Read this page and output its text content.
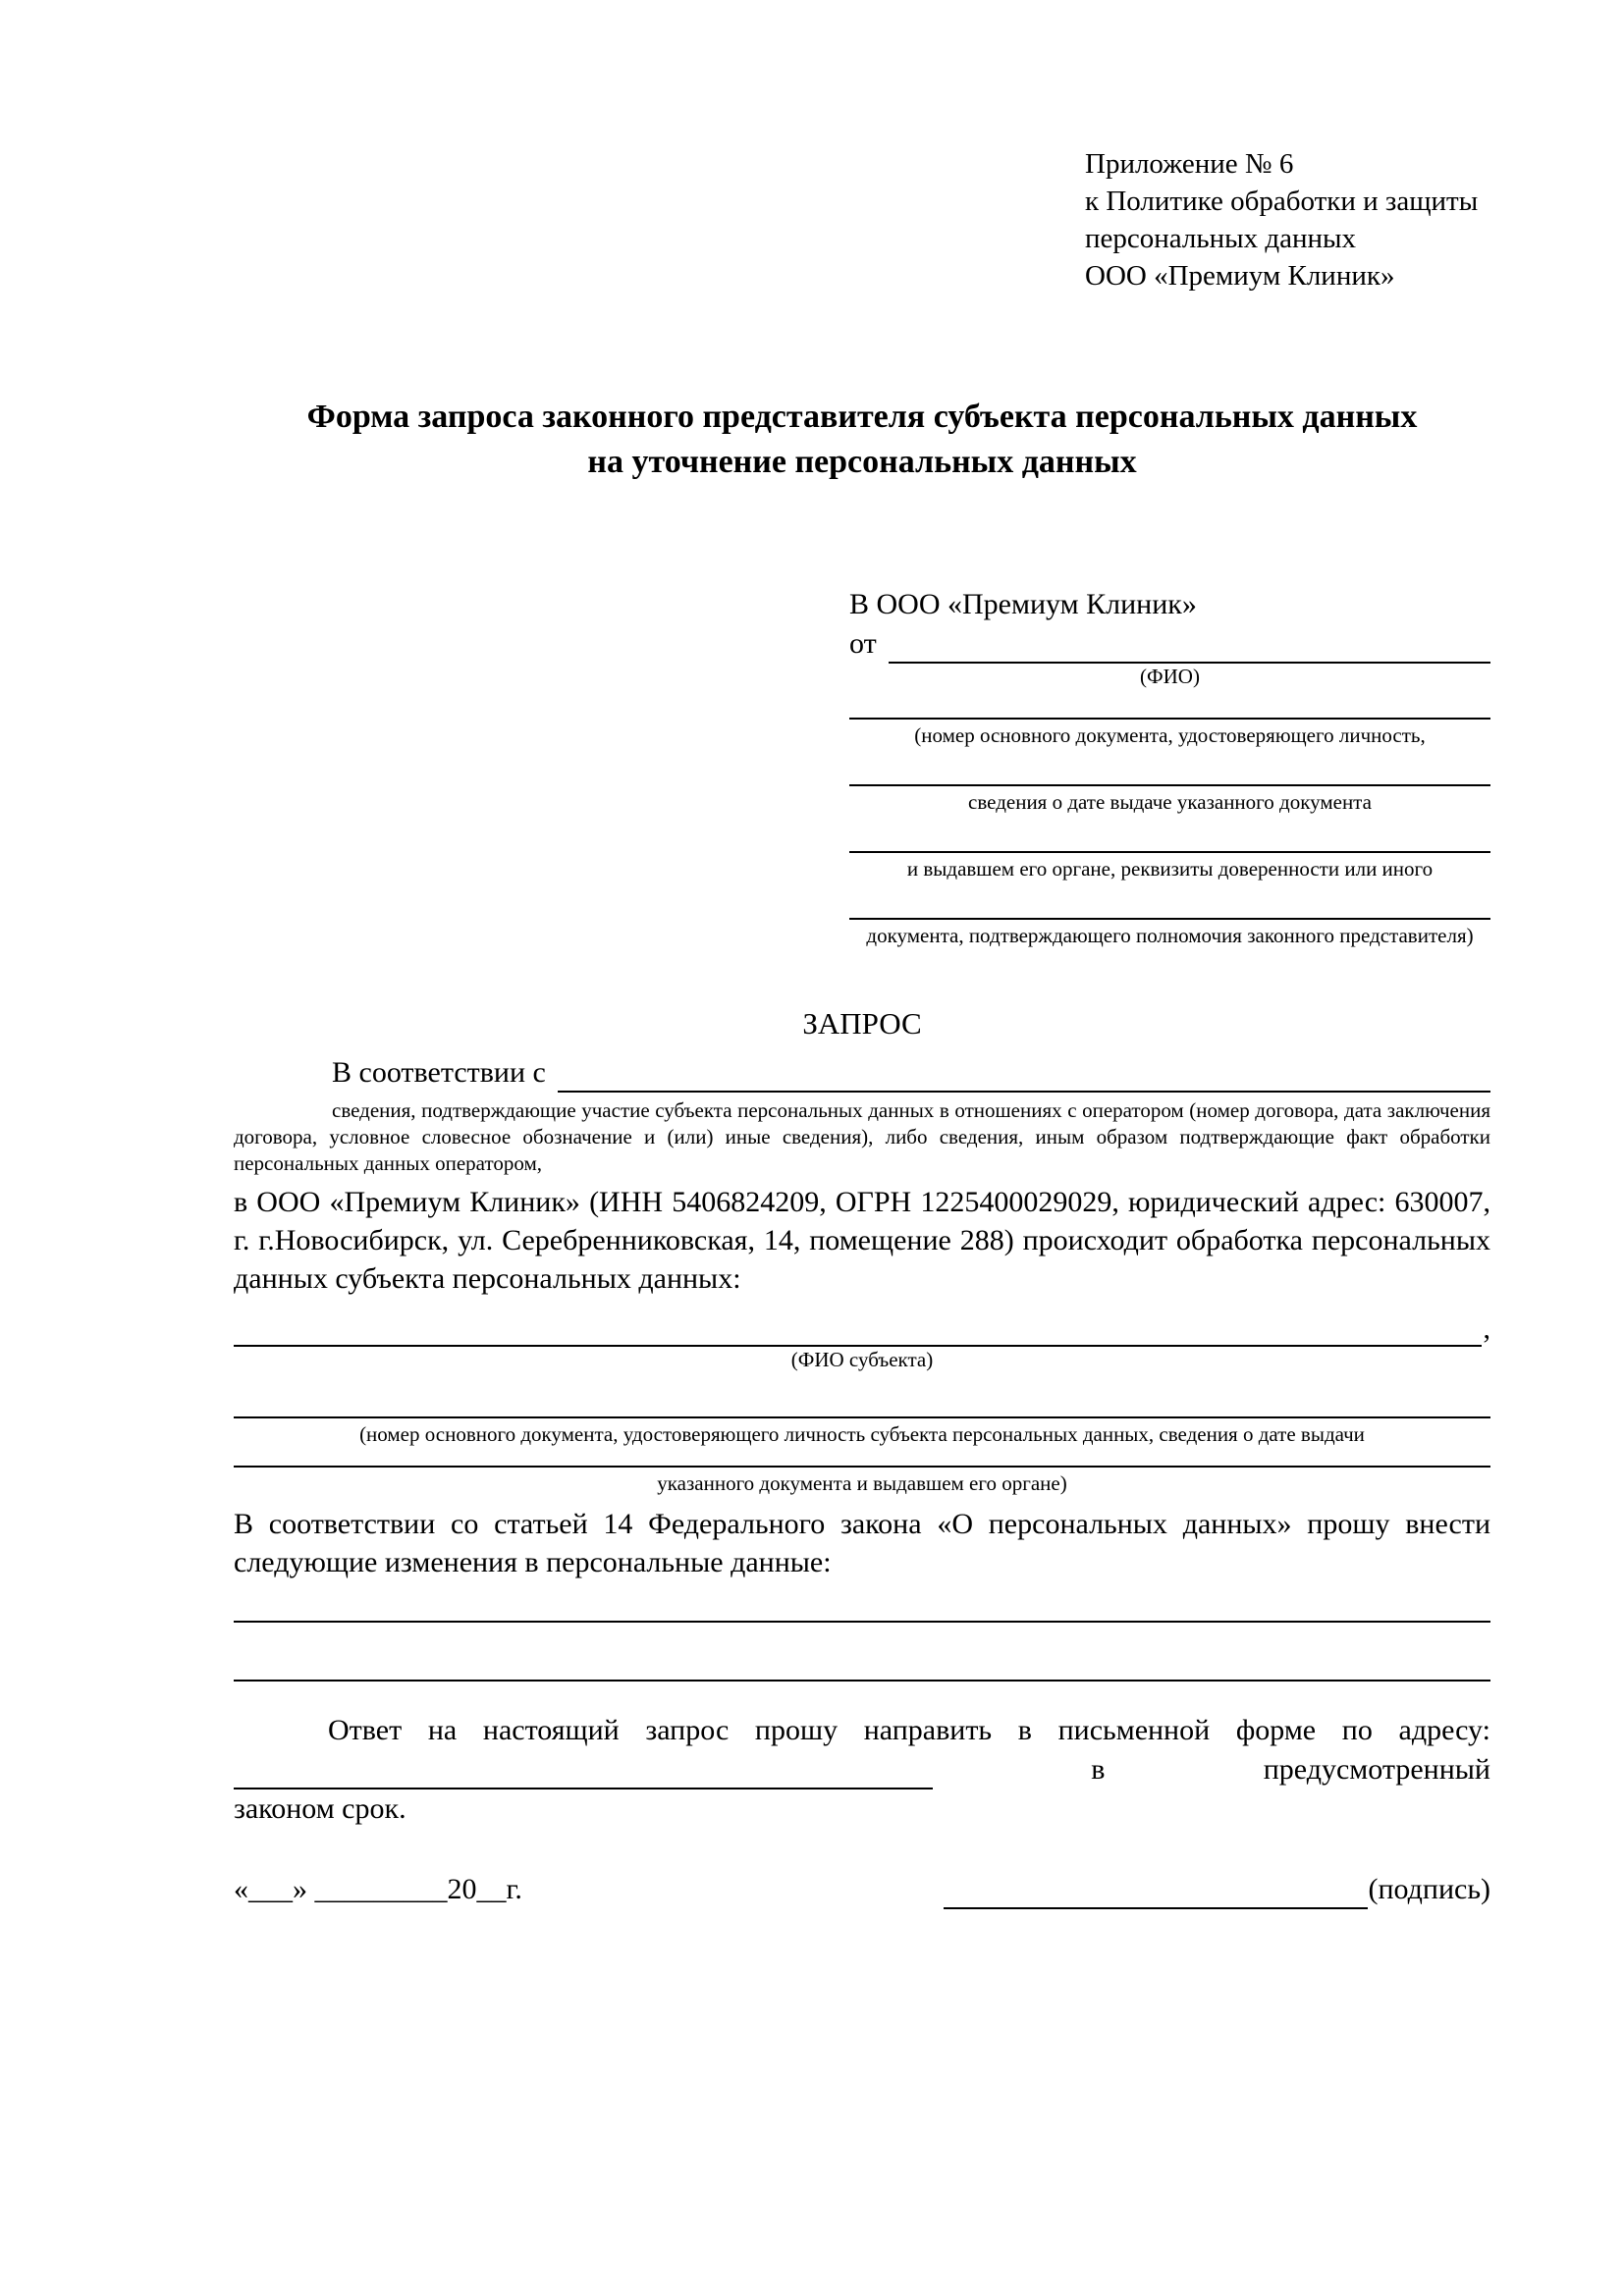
Приложение № 6
к Политике обработки и защиты
персональных данных
ООО «Премиум Клиник»
Форма запроса законного представителя субъекта персональных данных
на уточнение персональных данных
В ООО «Премиум Клиник»
от
(ФИО)
(номер основного документа, удостоверяющего личность,
сведения о дате выдаче указанного документа
и выдавшем его органе, реквизиты доверенности или иного
документа, подтверждающего полномочия законного представителя)
ЗАПРОС
В соответствии с
сведения, подтверждающие участие субъекта персональных данных в отношениях с оператором (номер договора, дата заключения договора, условное словесное обозначение и (или) иные сведения), либо сведения, иным образом подтверждающие факт обработки персональных данных оператором,
в ООО «Премиум Клиник» (ИНН 5406824209, ОГРН 1225400029029, юридический адрес: 630007, г. г.Новосибирск, ул. Серебренниковская, 14, помещение 288) происходит обработка персональных данных субъекта персональных данных:
,
(ФИО субъекта)
(номер основного документа, удостоверяющего личность субъекта персональных данных, сведения о дате выдачи
указанного документа и выдавшем его органе)
В соответствии со статьей 14 Федерального закона «О персональных данных» прошу внести следующие изменения в персональные данные:
Ответ на настоящий запрос прошу направить в письменной форме по адресу:
в	предусмотренный
законом срок.
«___» _________20__г.	(подпись)
